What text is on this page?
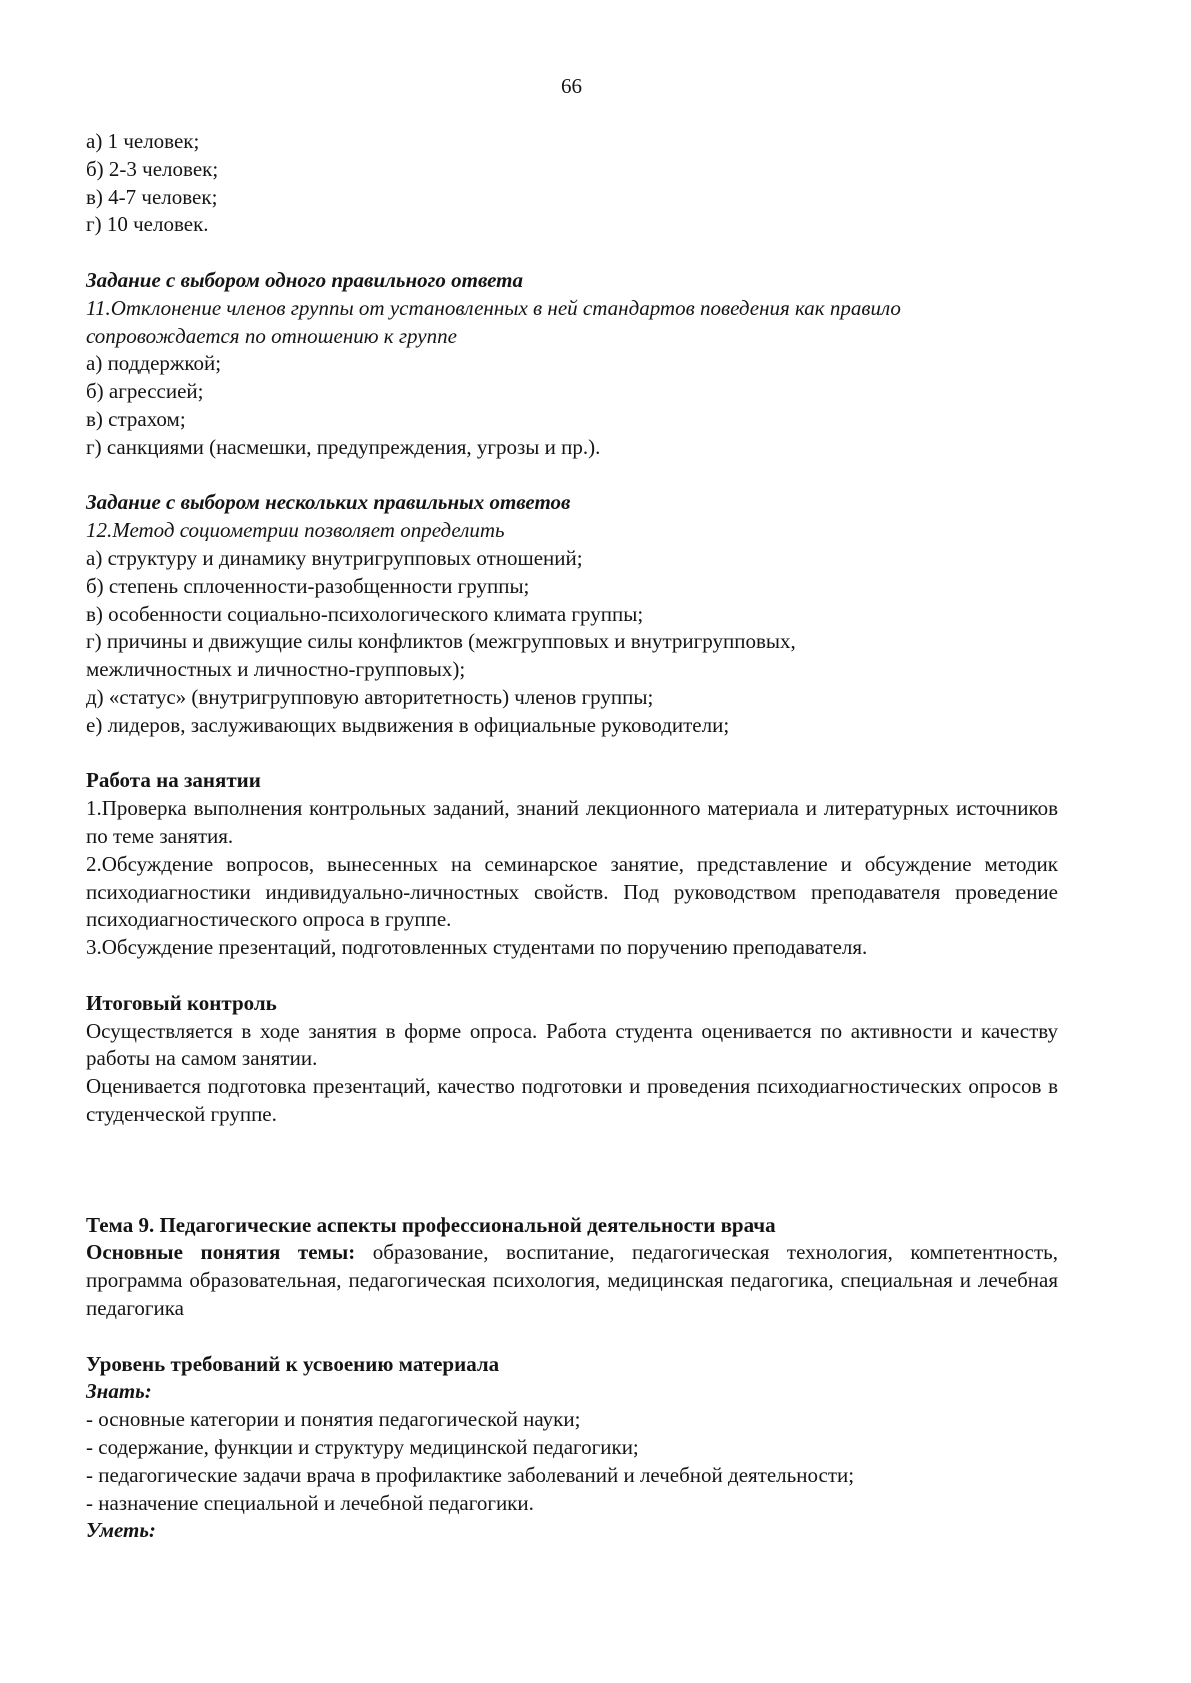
66

а) 1 человек;

б) 2-3 человек;

в) 4-7 человек;

г) 10 человек.

Задание с выбором одного правильного ответа

11.Отклонение членов группы от установленных в ней стандартов поведения как правило

сопровождается по отношению к группе

а) поддержкой;

б) агрессией;

в) страхом;

г) санкциями (насмешки, предупреждения, угрозы и пр.).

Задание с выбором нескольких правильных ответов

12.Метод социометрии позволяет определить

а) структуру и динамику внутригрупповых отношений;

б) степень сплоченности-разобщенности группы;

в) особенности социально-психологического климата группы;

г) причины и движущие силы конфликтов (межгрупповых и внутригрупповых,

межличностных и личностно-групповых);

д) «статус» (внутригрупповую авторитетность) членов группы;

е) лидеров, заслуживающих выдвижения в официальные руководители;

Работа на занятии

1.Проверка выполнения контрольных заданий, знаний лекционного материала и литературных источников по теме занятия.

2.Обсуждение вопросов, вынесенных на семинарское занятие, представление и обсуждение методик психодиагностики индивидуально-личностных свойств. Под руководством преподавателя проведение психодиагностического опроса в группе.

3.Обсуждение презентаций, подготовленных студентами по поручению преподавателя.

Итоговый контроль

Осуществляется в ходе занятия в форме опроса. Работа студента оценивается по активности и качеству работы на самом занятии.

Оценивается подготовка презентаций, качество подготовки и проведения психодиагностических опросов в студенческой группе.

Тема 9. Педагогические аспекты профессиональной деятельности врача

Основные понятия темы: образование, воспитание, педагогическая технология, компетентность, программа образовательная, педагогическая психология, медицинская педагогика, специальная и лечебная педагогика

Уровень требований к усвоению материала

Знать:

- основные категории и понятия педагогической науки;

- содержание, функции и структуру медицинской педагогики;

- педагогические задачи врача в профилактике заболеваний и лечебной деятельности;

- назначение специальной и лечебной педагогики.

Уметь:
